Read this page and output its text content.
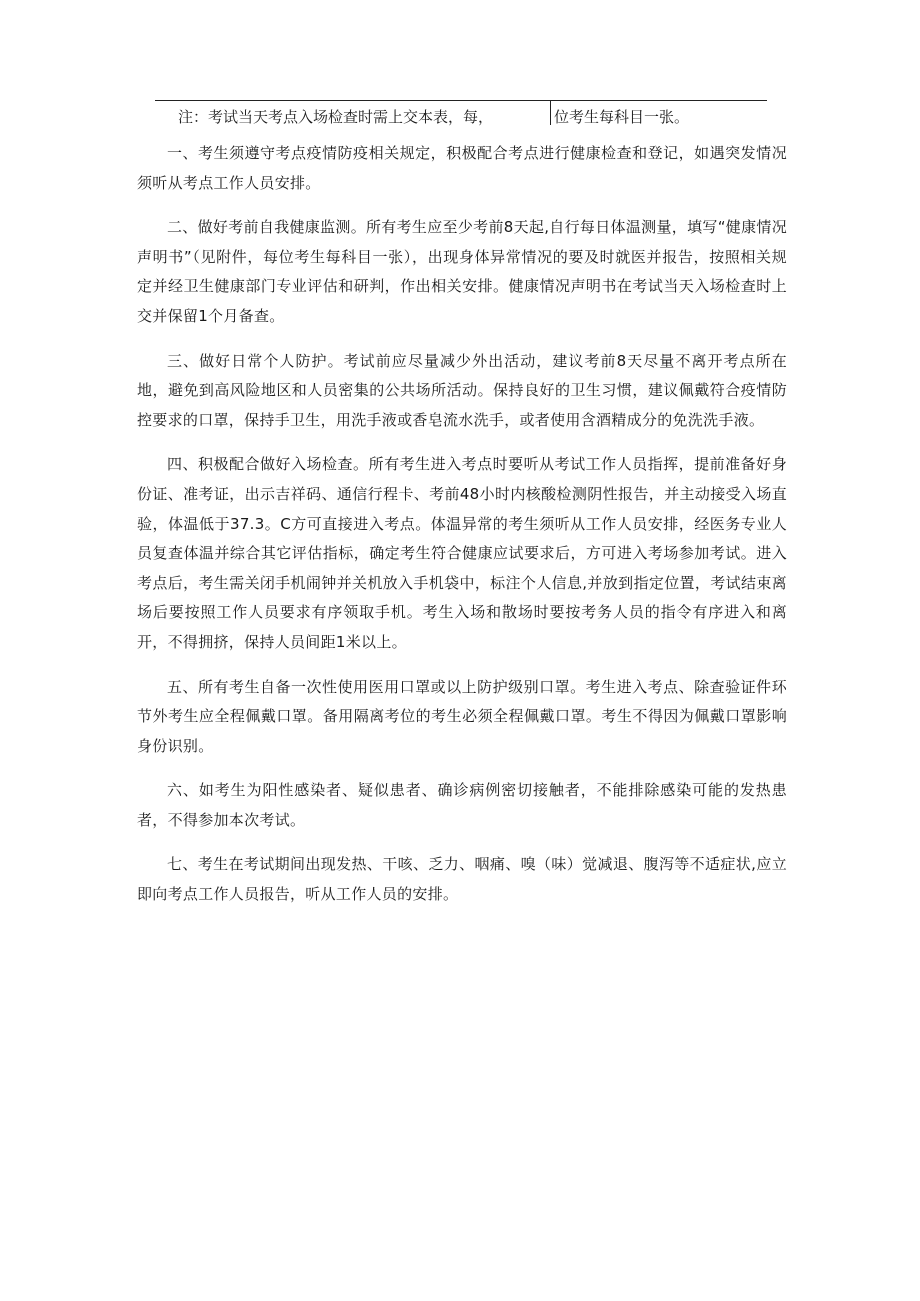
注：考试当天考点入场检查时需上交本表，每，	位考生每科目一张。

一、考生须遵守考点疫情防疫相关规定，积极配合考点进行健康检查和登记，如遇突发情况须听从考点工作人员安排。

二、做好考前自我健康监测。所有考生应至少考前8天起,自行每日体温测量，填写“健康情况声明书”（见附件，每位考生每科目一张），出现身体异常情况的要及时就医并报告，按照相关规定并经卫生健康部门专业评估和研判，作出相关安排。健康情况声明书在考试当天入场检查时上交并保留1个月备查。

三、做好日常个人防护。考试前应尽量减少外出活动，建议考前8天尽量不离开考点所在地，避免到高风险地区和人员密集的公共场所活动。保持良好的卫生习惯，建议佩戴符合疫情防控要求的口罩，保持手卫生，用洗手液或香皂流水洗手，或者使用含酒精成分的免洗洗手液。

四、积极配合做好入场检查。所有考生进入考点时要听从考试工作人员指挥，提前准备好身份证、准考证，出示吉祥码、通信行程卡、考前48小时内核酸检测阴性报告，并主动接受入场直验，体温低于37.3。C方可直接进入考点。体温异常的考生须听从工作人员安排，经医务专业人员复查体温并综合其它评估指标，确定考生符合健康应试要求后，方可进入考场参加考试。进入考点后，考生需关闭手机闹钟并关机放入手机袋中，标注个人信息,并放到指定位置，考试结束离场后要按照工作人员要求有序领取手机。考生入场和散场时要按考务人员的指令有序进入和离开，不得拥挤，保持人员间距1米以上。

五、所有考生自备一次性使用医用口罩或以上防护级别口罩。考生进入考点、除查验证件环节外考生应全程佩戴口罩。备用隔离考位的考生必须全程佩戴口罩。考生不得因为佩戴口罩影响身份识别。

六、如考生为阳性感染者、疑似患者、确诊病例密切接触者，不能排除感染可能的发热患者，不得参加本次考试。

七、考生在考试期间出现发热、干咳、乏力、咽痛、嗅（味）觉减退、腹泻等不适症状,应立即向考点工作人员报告，听从工作人员的安排。
